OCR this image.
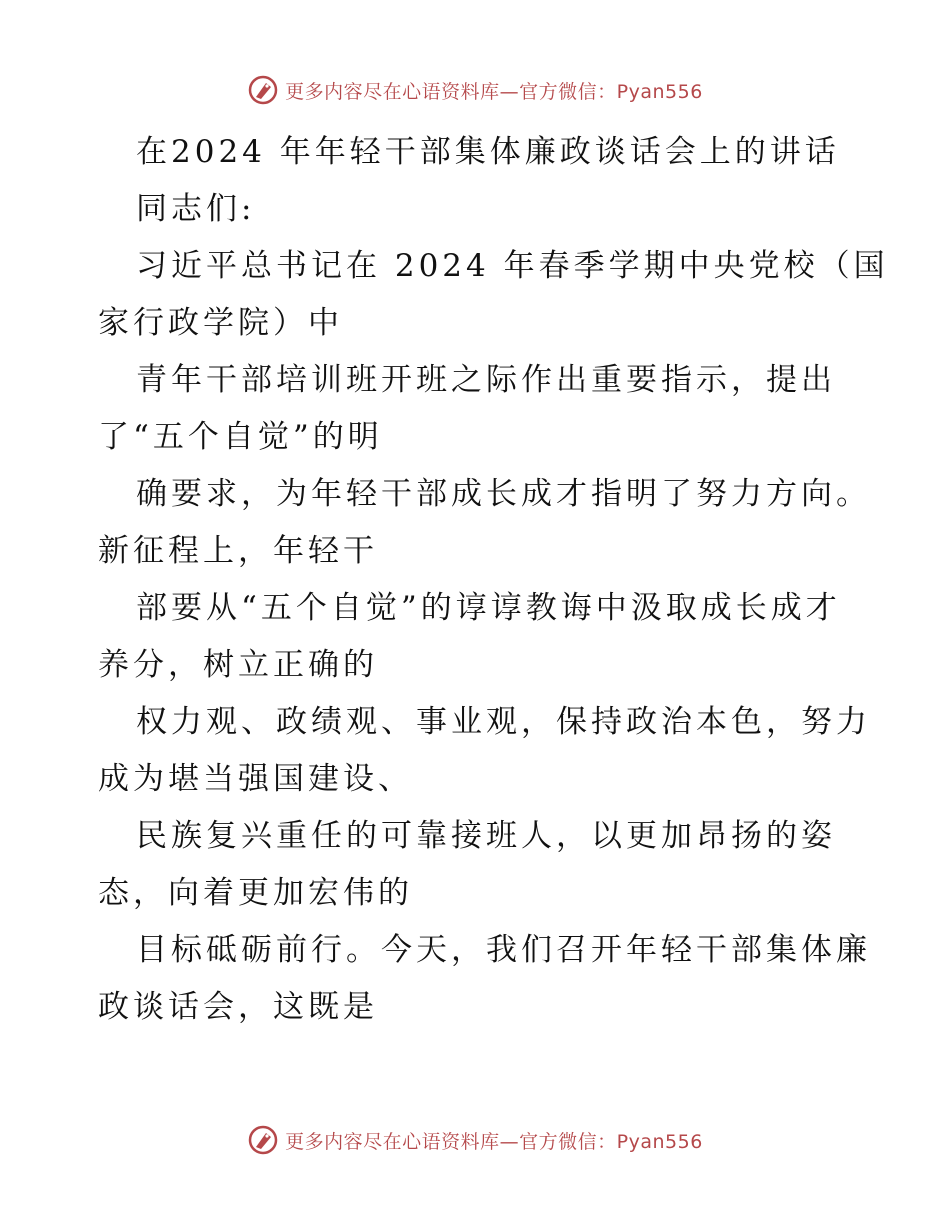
更多内容尽在心语资料库—官方微信：Pyan556
在2024 年年轻干部集体廉政谈话会上的讲话
同志们:
习近平总书记在 2024 年春季学期中央党校（国
家行政学院）中
青年干部培训班开班之际作出重要指示，提出
了“五个自觉”的明
确要求，为年轻干部成长成才指明了努力方向。
新征程上，年轻干
部要从“五个自觉”的谆谆教诲中汲取成长成才
养分，树立正确的
权力观、政绩观、事业观，保持政治本色，努力
成为堪当强国建设、
民族复兴重任的可靠接班人，以更加昂扬的姿
态，向着更加宏伟的
目标砥砺前行。今天，我们召开年轻干部集体廉
政谈话会，这既是
更多内容尽在心语资料库—官方微信：Pyan556
